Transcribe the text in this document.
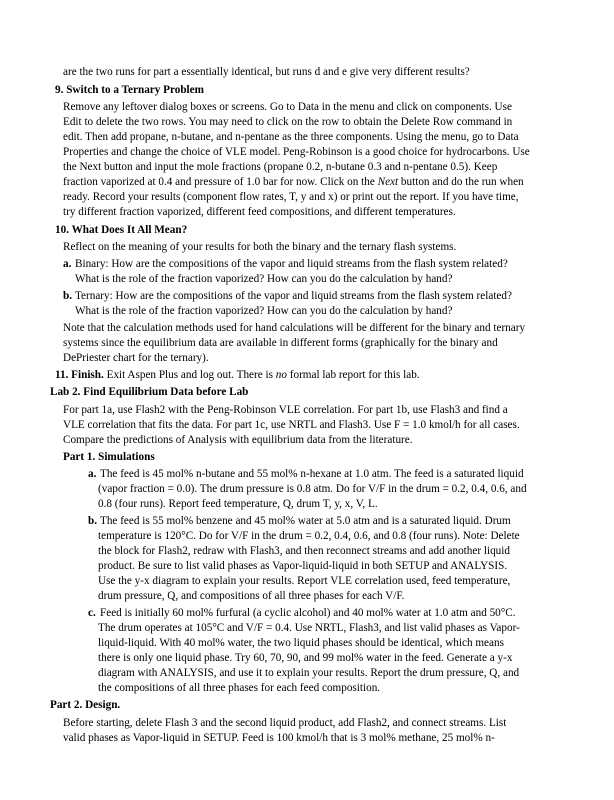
are the two runs for part a essentially identical, but runs d and e give very different results?
9. Switch to a Ternary Problem
Remove any leftover dialog boxes or screens. Go to Data in the menu and click on components. Use
Edit to delete the two rows. You may need to click on the row to obtain the Delete Row command in
edit. Then add propane, n-butane, and n-pentane as the three components. Using the menu, go to Data
Properties and change the choice of VLE model. Peng-Robinson is a good choice for hydrocarbons. Use
the Next button and input the mole fractions (propane 0.2, n-butane 0.3 and n-pentane 0.5). Keep
fraction vaporized at 0.4 and pressure of 1.0 bar for now. Click on the Next button and do the run when
ready. Record your results (component flow rates, T, y and x) or print out the report. If you have time,
try different fraction vaporized, different feed compositions, and different temperatures.
10. What Does It All Mean?
Reflect on the meaning of your results for both the binary and the ternary flash systems.
a. Binary: How are the compositions of the vapor and liquid streams from the flash system related?
What is the role of the fraction vaporized? How can you do the calculation by hand?
b. Ternary: How are the compositions of the vapor and liquid streams from the flash system related?
What is the role of the fraction vaporized? How can you do the calculation by hand?
Note that the calculation methods used for hand calculations will be different for the binary and ternary
systems since the equilibrium data are available in different forms (graphically for the binary and
DePriester chart for the ternary).
11. Finish. Exit Aspen Plus and log out. There is no formal lab report for this lab.
Lab 2. Find Equilibrium Data before Lab
For part 1a, use Flash2 with the Peng-Robinson VLE correlation. For part 1b, use Flash3 and find a
VLE correlation that fits the data. For part 1c, use NRTL and Flash3. Use F = 1.0 kmol/h for all cases.
Compare the predictions of Analysis with equilibrium data from the literature.
Part 1. Simulations
a. The feed is 45 mol% n-butane and 55 mol% n-hexane at 1.0 atm. The feed is a saturated liquid
(vapor fraction = 0.0). The drum pressure is 0.8 atm. Do for V/F in the drum = 0.2, 0.4, 0.6, and
0.8 (four runs). Report feed temperature, Q, drum T, y, x, V, L.
b. The feed is 55 mol% benzene and 45 mol% water at 5.0 atm and is a saturated liquid. Drum
temperature is 120°C. Do for V/F in the drum = 0.2, 0.4, 0.6, and 0.8 (four runs). Note: Delete
the block for Flash2, redraw with Flash3, and then reconnect streams and add another liquid
product. Be sure to list valid phases as Vapor-liquid-liquid in both SETUP and ANALYSIS.
Use the y-x diagram to explain your results. Report VLE correlation used, feed temperature,
drum pressure, Q, and compositions of all three phases for each V/F.
c. Feed is initially 60 mol% furfural (a cyclic alcohol) and 40 mol% water at 1.0 atm and 50°C.
The drum operates at 105°C and V/F = 0.4. Use NRTL, Flash3, and list valid phases as Vapor-
liquid-liquid. With 40 mol% water, the two liquid phases should be identical, which means
there is only one liquid phase. Try 60, 70, 90, and 99 mol% water in the feed. Generate a y-x
diagram with ANALYSIS, and use it to explain your results. Report the drum pressure, Q, and
the compositions of all three phases for each feed composition.
Part 2. Design.
Before starting, delete Flash 3 and the second liquid product, add Flash2, and connect streams. List
valid phases as Vapor-liquid in SETUP. Feed is 100 kmol/h that is 3 mol% methane, 25 mol% n-
